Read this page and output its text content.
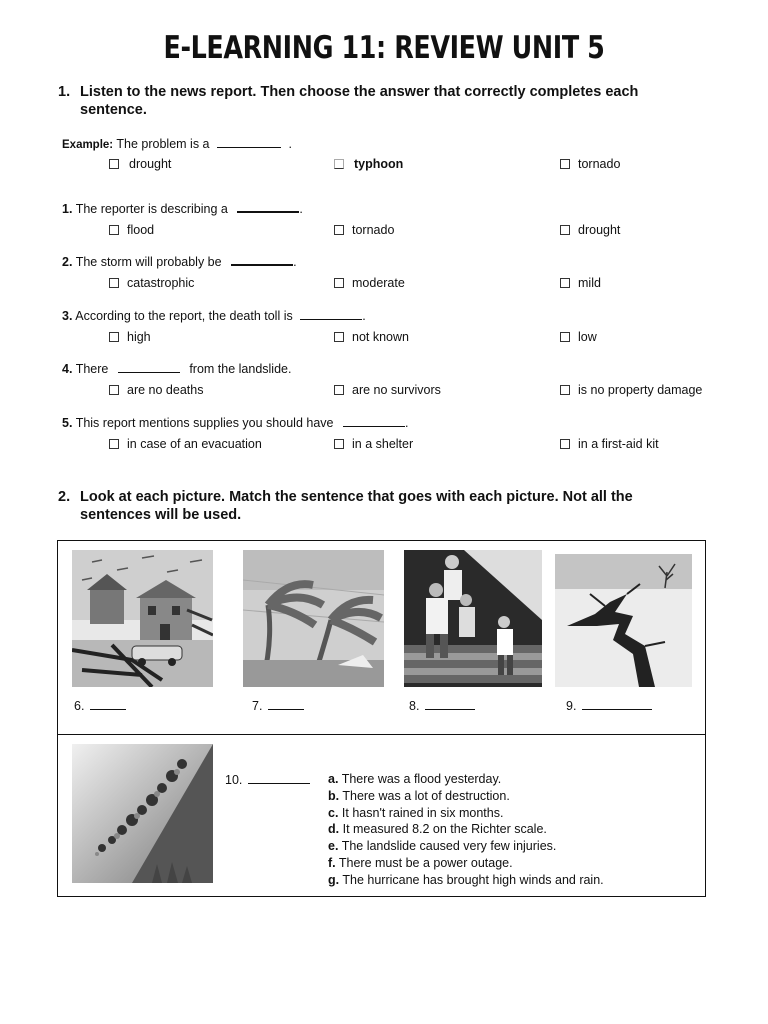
E-LEARNING 11: REVIEW UNIT 5
1. Listen to the news report. Then choose the answer that correctly completes each sentence.
Example: The problem is a	.
drought	typhoon	tornado
1. The reporter is describing a	.
flood	tornado	drought
2. The storm will probably be	.
catastrophic	moderate	mild
3. According to the report, the death toll is	.
high	not known	low
4. There	from the landslide.
are no deaths	are no survivors	is no property damage
5. This report mentions supplies you should have	.
in case of an evacuation	in a shelter	in a first-aid kit
2. Look at each picture. Match the sentence that goes with each picture. Not all the sentences will be used.
6.	7.	8.	9.
10.	a. There was a flood yesterday.
b. There was a lot of destruction.
c. It hasn't rained in six months.
d. It measured 8.2 on the Richter scale.
e. The landslide caused very few injuries.
f. There must be a power outage.
g. The hurricane has brought high winds and rain.
